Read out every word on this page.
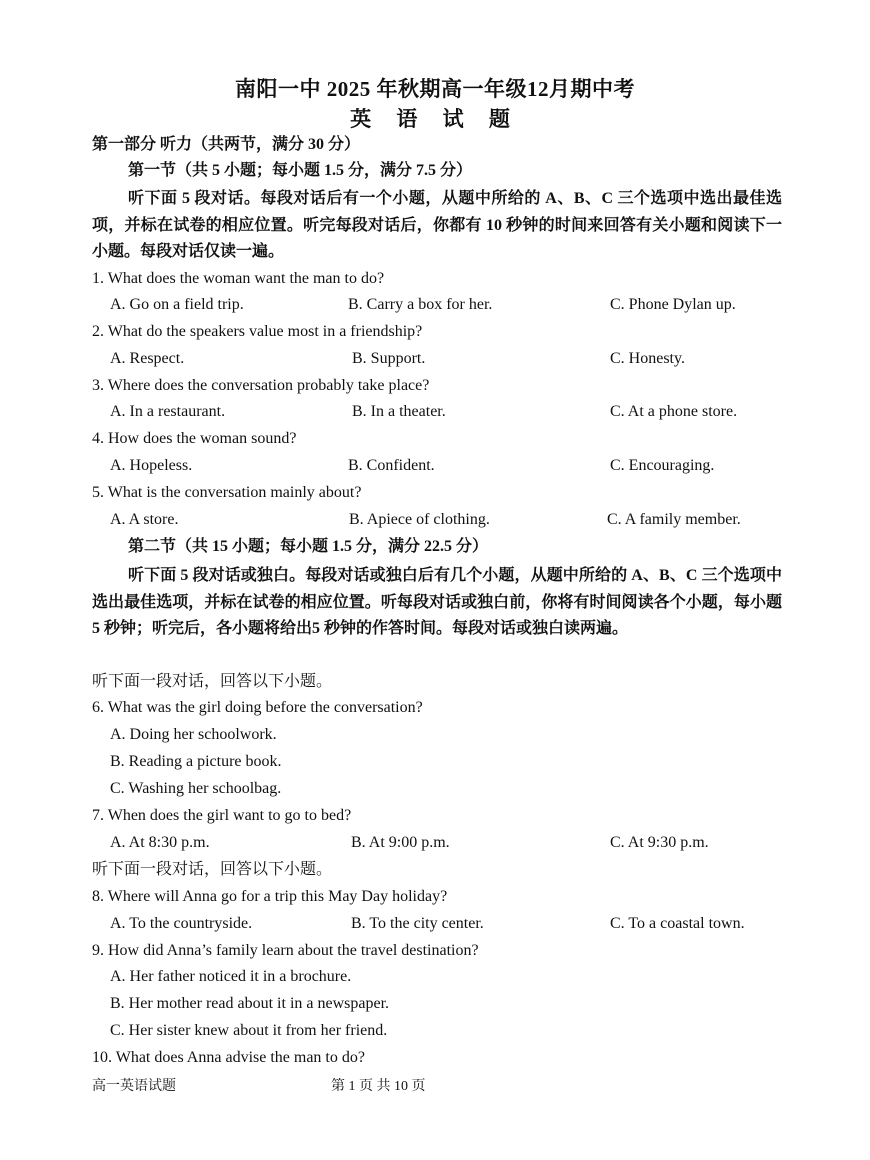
南阳一中 2025 年秋期高一年级12月期中考
英 语 试 题
第一部分 听力（共两节，满分 30 分）
第一节（共 5 小题；每小题 1.5 分，满分 7.5 分）
听下面 5 段对话。每段对话后有一个小题，从题中所给的 A、B、C 三个选项中选出最佳选项，并标在试卷的相应位置。听完每段对话后，你都有 10 秒钟的时间来回答有关小题和阅读下一小题。每段对话仅读一遍。
1. What does the woman want the man to do?
A. Go on a field trip.	B. Carry a box for her.	C. Phone Dylan up.
2. What do the speakers value most in a friendship?
A. Respect.	B. Support.	C. Honesty.
3. Where does the conversation probably take place?
A. In a restaurant.	B. In a theater.	C. At a phone store.
4. How does the woman sound?
A. Hopeless.	B. Confident.	C. Encouraging.
5. What is the conversation mainly about?
A. A store.	B. Apiece of clothing.	C. A family member.
第二节（共 15 小题；每小题 1.5 分，满分 22.5 分）
听下面 5 段对话或独白。每段对话或独白后有几个小题，从题中所给的 A、B、C 三个选项中选出最佳选项，并标在试卷的相应位置。听每段对话或独白前，你将有时间阅读各个小题，每小题 5 秒钟；听完后，各小题将给出5 秒钟的作答时间。每段对话或独白读两遍。
听下面一段对话，回答以下小题。
6. What was the girl doing before the conversation?
A. Doing her schoolwork.
B. Reading a picture book.
C. Washing her schoolbag.
7. When does the girl want to go to bed?
A. At 8:30 p.m.	B. At 9:00 p.m.	C. At 9:30 p.m.
听下面一段对话，回答以下小题。
8. Where will Anna go for a trip this May Day holiday?
A. To the countryside.	B. To the city center.	C. To a coastal town.
9. How did Anna’s family learn about the travel destination?
A. Her father noticed it in a brochure.
B. Her mother read about it in a newspaper.
C. Her sister knew about it from her friend.
10. What does Anna advise the man to do?
高一英语试题	第 1 页 共 10 页
